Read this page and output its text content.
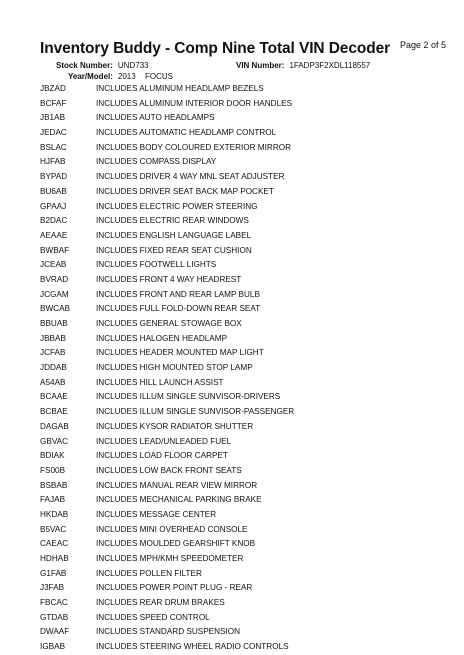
Inventory Buddy - Comp Nine Total VIN Decoder Page 2 of 5
Stock Number: UND733	VIN Number: 1FADP3F2XDL118557
Year/Model: 2013 FOCUS
JBZAD	INCLUDES ALUMINUM HEADLAMP BEZELS
BCFAF	INCLUDES ALUMINUM INTERIOR DOOR HANDLES
JB1AB	INCLUDES AUTO HEADLAMPS
JEDAC	INCLUDES AUTOMATIC HEADLAMP CONTROL
BSLAC	INCLUDES BODY COLOURED EXTERIOR MIRROR
HJFAB	INCLUDES COMPASS DISPLAY
BYPAD	INCLUDES DRIVER 4 WAY MNL SEAT ADJUSTER
BU6AB	INCLUDES DRIVER SEAT BACK MAP POCKET
GPAAJ	INCLUDES ELECTRIC POWER STEERING
B2DAC	INCLUDES ELECTRIC REAR WINDOWS
AEAAE	INCLUDES ENGLISH LANGUAGE LABEL
BWBAF	INCLUDES FIXED REAR SEAT CUSHION
JCEAB	INCLUDES FOOTWELL LIGHTS
BVRAD	INCLUDES FRONT 4 WAY HEADREST
JCGAM	INCLUDES FRONT AND REAR LAMP BULB
BWCAB	INCLUDES FULL FOLD-DOWN REAR SEAT
BBUAB	INCLUDES GENERAL STOWAGE BOX
JBBAB	INCLUDES HALOGEN HEADLAMP
JCFAB	INCLUDES HEADER MOUNTED MAP LIGHT
JDDAB	INCLUDES HIGH MOUNTED STOP LAMP
A54AB	INCLUDES HILL LAUNCH ASSIST
BCAAE	INCLUDES ILLUM SINGLE SUNVISOR-DRIVERS
BCBAE	INCLUDES ILLUM SINGLE SUNVISOR-PASSENGER
DAGAB	INCLUDES KYSOR RADIATOR SHUTTER
GBVAC	INCLUDES LEAD/UNLEADED FUEL
BDIAK	INCLUDES LOAD FLOOR CARPET
FS00B	INCLUDES LOW BACK FRONT SEATS
BSBAB	INCLUDES MANUAL REAR VIEW MIRROR
FAJAB	INCLUDES MECHANICAL PARKING BRAKE
HKDAB	INCLUDES MESSAGE CENTER
B5VAC	INCLUDES MINI OVERHEAD CONSOLE
CAEAC	INCLUDES MOULDED GEARSHIFT KNOB
HDHAB	INCLUDES MPH/KMH SPEEDOMETER
G1FAB	INCLUDES POLLEN FILTER
J3FAB	INCLUDES POWER POINT PLUG - REAR
FBCAC	INCLUDES REAR DRUM BRAKES
GTDAB	INCLUDES SPEED CONTROL
DWAAF	INCLUDES STANDARD SUSPENSION
IGBAB	INCLUDES STEERING WHEEL RADIO CONTROLS
